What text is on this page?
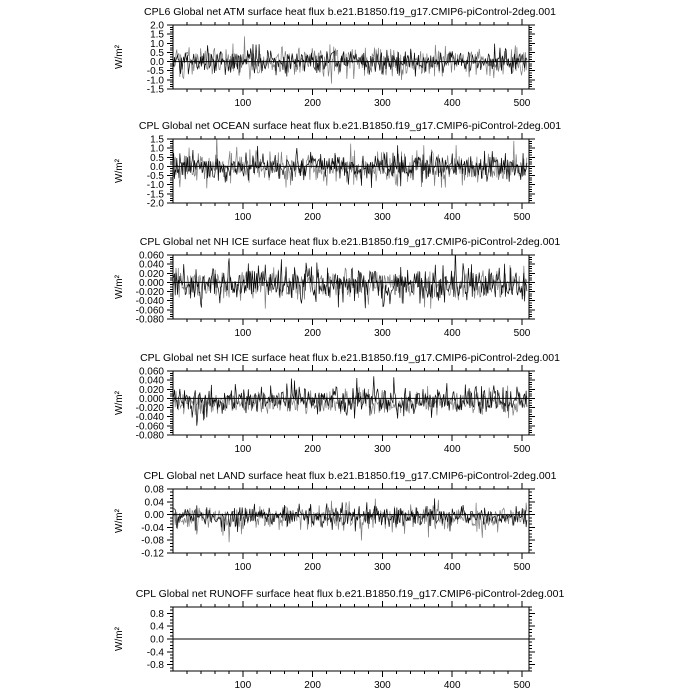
CPL6 Global net ATM surface heat flux b.e21.B1850.f19_g17.CMIP6-piControl-2deg.001
2.0
1.5
1.0
0.5
0.0
-0.5
-1.0
-1.5
100	200	300	400	500
W/m²
CPL Global net OCEAN surface heat flux b.e21.B1850.f19_g17.CMIP6-piControl-2deg.001
1.5
1.0
0.5
0.0
-0.5
-1.0
-1.5
-2.0
100	200	300	400	500
W/m²
CPL Global net NH ICE surface heat flux b.e21.B1850.f19_g17.CMIP6-piControl-2deg.001
0.060
0.040
0.020
0.000
-0.020
-0.040
-0.060
-0.080
100	200	300	400	500
W/m²
CPL Global net SH ICE surface heat flux b.e21.B1850.f19_g17.CMIP6-piControl-2deg.001
0.060
0.040
0.020
0.000
-0.020
-0.040
-0.060
-0.080
100	200	300	400	500
W/m²
CPL Global net LAND surface heat flux b.e21.B1850.f19_g17.CMIP6-piControl-2deg.001
0.08
0.04
0.00
-0.04
-0.08
-0.12
100	200	300	400	500
W/m²
CPL Global net RUNOFF surface heat flux b.e21.B1850.f19_g17.CMIP6-piControl-2deg.001
0.8
0.4
0.0
-0.4
-0.8
100	200	300	400	500
W/m²
